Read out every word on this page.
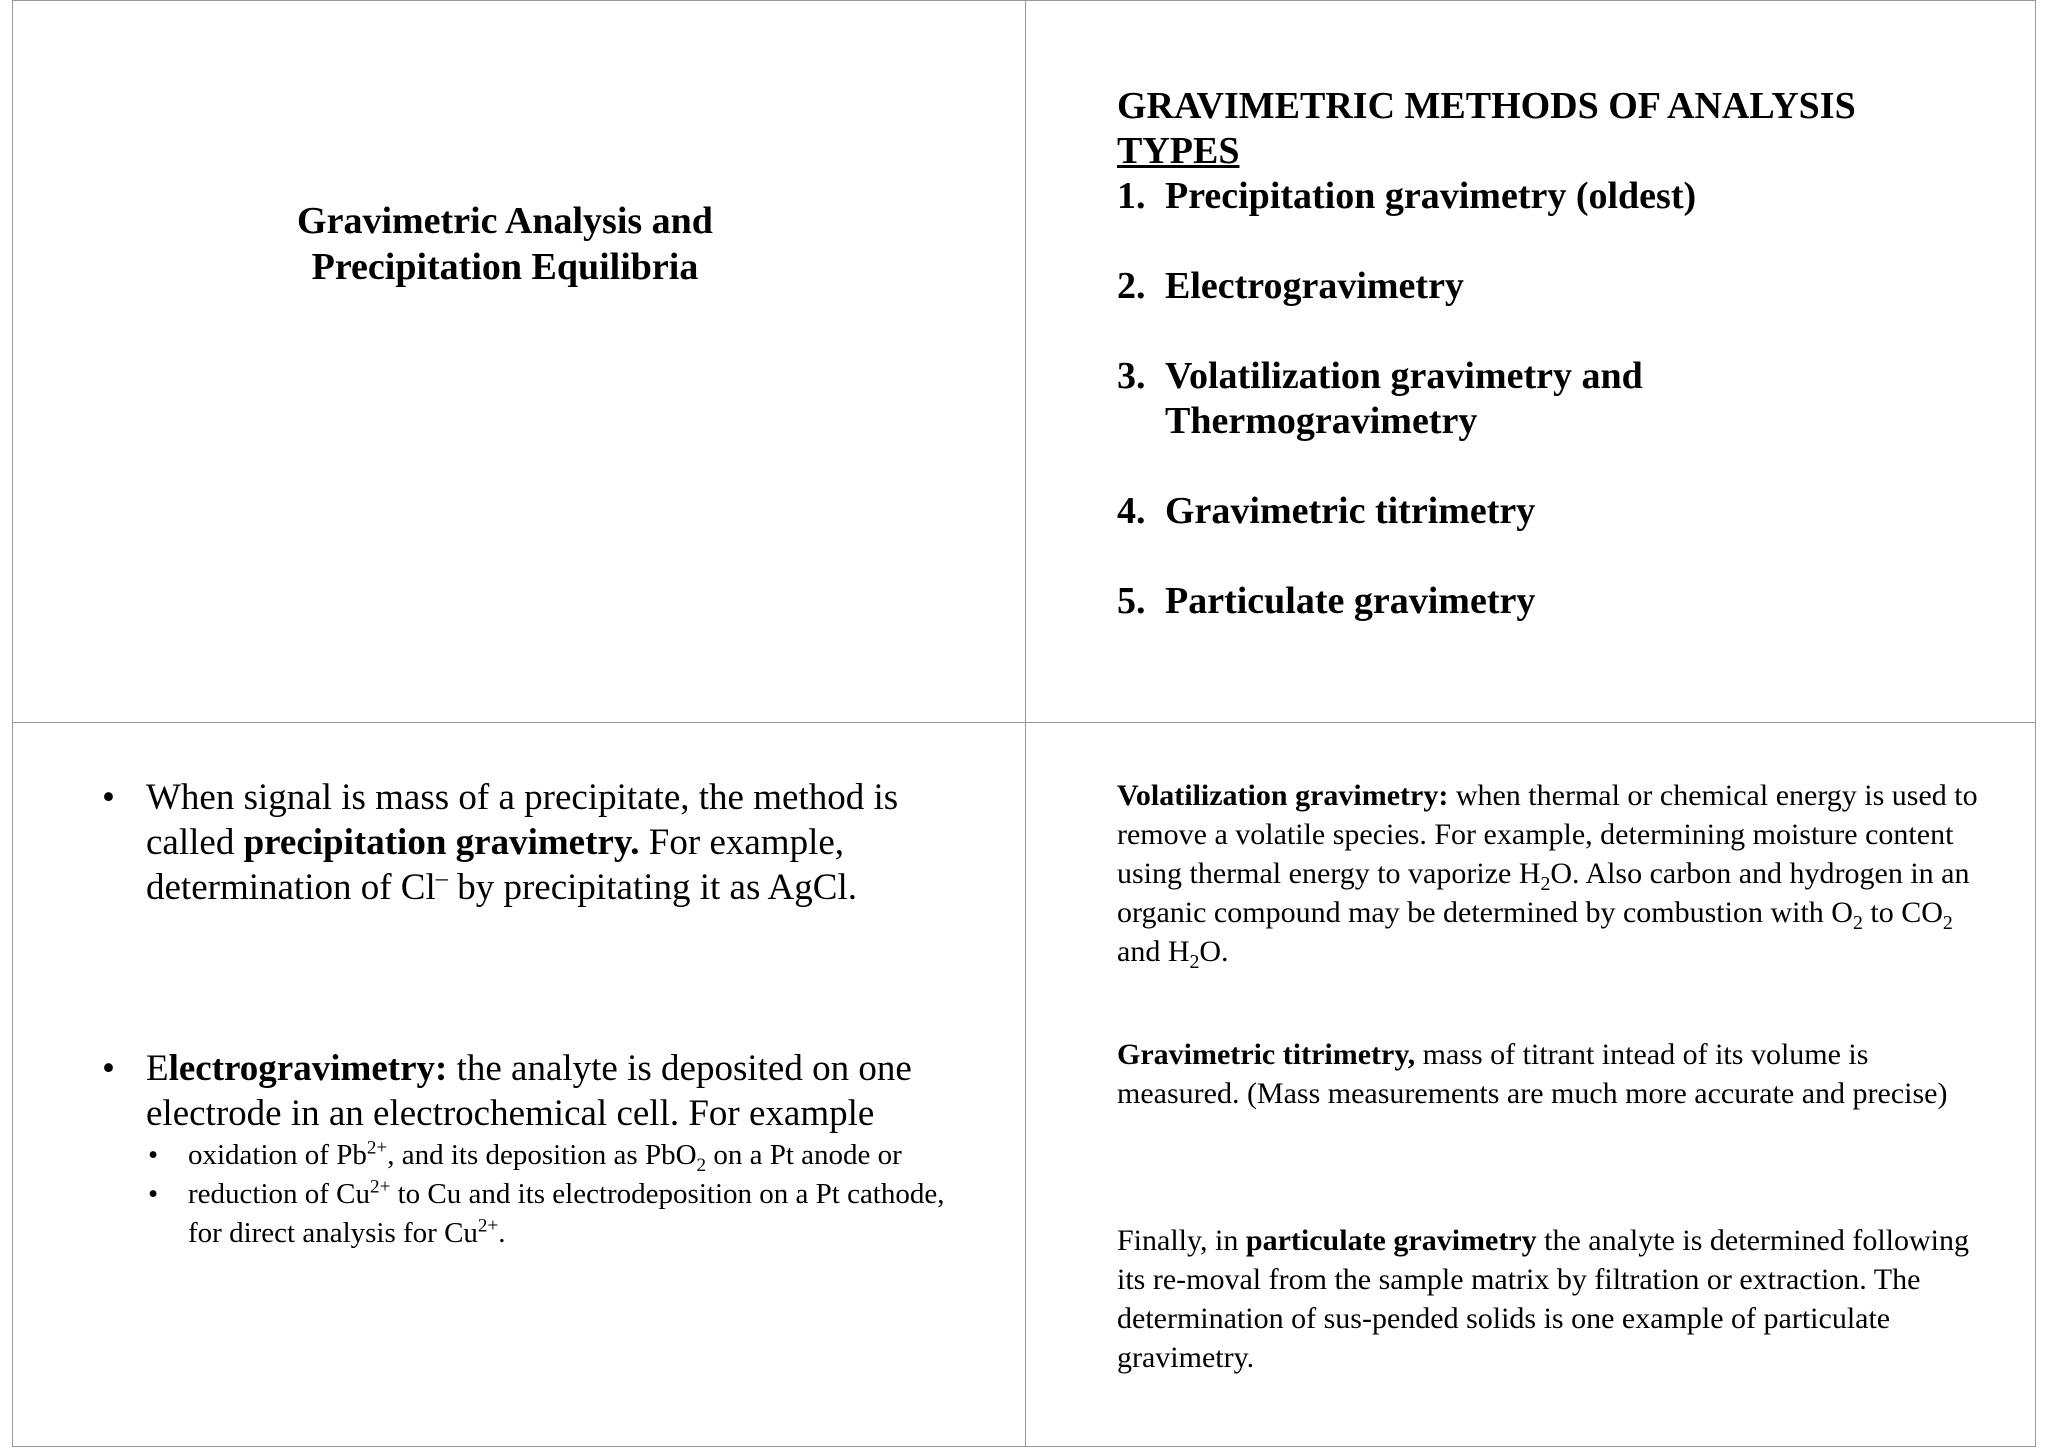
Gravimetric Analysis and
Precipitation Equilibria
GRAVIMETRIC METHODS OF ANALYSIS
TYPES
1. Precipitation gravimetry (oldest)
2. Electrogravimetry
3. Volatilization gravimetry and
Thermogravimetry
4. Gravimetric titrimetry
5. Particulate gravimetry
• When signal is mass of a precipitate, the method is called precipitation gravimetry. For example, determination of Cl– by precipitating it as AgCl.
• Electrogravimetry: the analyte is deposited on one electrode in an electrochemical cell. For example
• oxidation of $Pb^{2+}$, and its deposition as PbO$_2$ on a Pt anode or
• reduction of $Cu^{2+}$ to Cu and its electrodeposition on a Pt cathode, for direct analysis for $Cu^{2+}$.
Volatilization gravimetry: when thermal or chemical energy is used to remove a volatile species. For example, determining moisture content using thermal energy to vaporize $H_2O$. Also carbon and hydrogen in an organic compound may be determined by combustion with $O_2$ to $CO_2$ and $H_2O$.
Gravimetric titrimetry, mass of titrant intead of its volume is measured. (Mass measurements are much more accurate and precise)
Finally, in particulate gravimetry the analyte is determined following its re-moval from the sample matrix by filtration or extraction. The determination of sus-pended solids is one example of particulate gravimetry.
